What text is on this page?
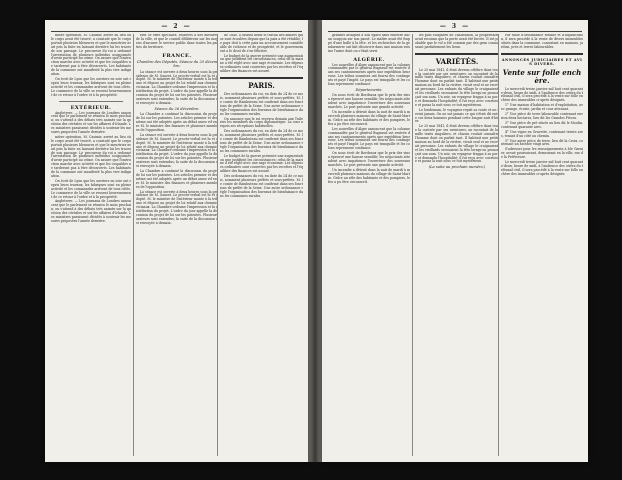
— 2 —

mière opération, M. Casimir, arrivé au lieu où le corps avait été trouvé, a constaté que le corps portait plusieurs blessures et que le meurtrier avait pris la fuite en laissant derrière lui les traces de son passage. Le procureur du roi a ordonné l'arrestation de plusieurs individus soupçonnés d'avoir participé au crime. On assure que l'instruction marche avec activité et que les coupables ne tarderont pas à être découverts. Les habitants de la commune ont manifesté la plus vive indignation.

On écrit de Lyon que les ouvriers en soie ont repris leurs travaux; les fabriques sont en pleine activité et les commandes arrivent de tous côtés. Le commerce de la ville se ressent heureusement de ce retour à l'ordre et à la prospérité.

EXTÉRIEUR.

Angleterre. — Les journaux de Londres annoncent que le parlement se réunira le mois prochain; on s'attend à des débats très animés sur la question des céréales et sur les affaires d'Irlande. Les ministres paraissent décidés à soutenir les mesures proposées l'année dernière.

mière opération, M. Casimir, arrivé au lieu où le corps avait été trouvé, a constaté que le corps portait plusieurs blessures et que le meurtrier avait pris la fuite en laissant derrière lui les traces de son passage. Le procureur du roi a ordonné l'arrestation de plusieurs individus soupçonnés d'avoir participé au crime. On assure que l'instruction marche avec activité et que les coupables ne tarderont pas à être découverts. Les habitants de la commune ont manifesté la plus vive indignation.

On écrit de Lyon que les ouvriers en soie ont repris leurs travaux; les fabriques sont en pleine activité et les commandes arrivent de tous côtés. Le commerce de la ville se ressent heureusement de ce retour à l'ordre et à la prospérité.

Angleterre. — Les journaux de Londres annoncent que le parlement se réunira le mois prochain; on s'attend à des débats très animés sur la question des céréales et sur les affaires d'Irlande. Les ministres paraissent décidés à soutenir les mesures proposées l'année dernière.

rien ce effet spéciales, relatives à des mesures de la ville, et que le conseil délibérera sur les moyens d'assurer le service public dans toutes les parties du territoire.

FRANCE.
Chambre des Députés. Séance du 25 décembre.

La séance est ouverte à deux heures sous la présidence de M. Sauzet. Le procès-verbal est lu et adopté. M. le ministre de l'intérieur monte à la tribune et dépose un projet de loi relatif aux chemins vicinaux. La Chambre ordonne l'impression et la distribution du projet. L'ordre du jour appelle la discussion du projet de loi sur les patentes. Plusieurs orateurs sont entendus; la suite de la discussion est renvoyée à demain.

Séance du 26 décembre.

La Chambre a continué la discussion du projet de loi sur les patentes. Les articles premier et deuxième ont été adoptés après un débat assez vif entre M. le ministre des finances et plusieurs membres de l'opposition.

La séance est ouverte à deux heures sous la présidence de M. Sauzet. Le procès-verbal est lu et adopté. M. le ministre de l'intérieur monte à la tribune et dépose un projet de loi relatif aux chemins vicinaux. La Chambre ordonne l'impression et la distribution du projet. L'ordre du jour appelle la discussion du projet de loi sur les patentes. Plusieurs orateurs sont entendus; la suite de la discussion est renvoyée à demain.

La Chambre a continué la discussion du projet de loi sur les patentes. Les articles premier et deuxième ont été adoptés après un débat assez vif entre M. le ministre des finances et plusieurs membres de l'opposition.

La séance est ouverte à deux heures sous la présidence de M. Sauzet. Le procès-verbal est lu et adopté. M. le ministre de l'intérieur monte à la tribune et dépose un projet de loi relatif aux chemins vicinaux. La Chambre ordonne l'impression et la distribution du projet. L'ordre du jour appelle la discussion du projet de loi sur les patentes. Plusieurs orateurs sont entendus; la suite de la discussion est renvoyée à demain.

de 1840. Il faudra bénir le travail des années qui se sont écoulées depuis que la paix a été rétablie; le pays doit à cette paix un accroissement considérable de richesse et de prospérité, et le gouvernement a le droit de s'en féliciter.

Le budget de la guerre présente une augmentation que justifient les circonstances; celui de la marine a été réglé avec une sage économie. Les dépenses ordinaires sont couvertes par les recettes et l'équilibre des finances est assuré.

PARIS.

Des ordonnances du roi, en date du 24 de ce mois, nomment plusieurs préfets et sous-préfets. M. le comte de Rambuteau est confirmé dans ses fonctions de préfet de la Seine. Une autre ordonnance règle l'organisation des bureaux de bienfaisance dans les communes rurales.

On annonce que le roi recevra demain aux Tuileries les membres du corps diplomatique. La cour a repris ses réceptions habituelles.

Des ordonnances du roi, en date du 24 de ce mois, nomment plusieurs préfets et sous-préfets. M. le comte de Rambuteau est confirmé dans ses fonctions de préfet de la Seine. Une autre ordonnance règle l'organisation des bureaux de bienfaisance dans les communes rurales.

Le budget de la guerre présente une augmentation que justifient les circonstances; celui de la marine a été réglé avec une sage économie. Les dépenses ordinaires sont couvertes par les recettes et l'équilibre des finances est assuré.

Des ordonnances du roi, en date du 24 de ce mois, nomment plusieurs préfets et sous-préfets. M. le comte de Rambuteau est confirmé dans ses fonctions de préfet de la Seine. Une autre ordonnance règle l'organisation des bureaux de bienfaisance dans les communes rurales.

— 3 —

grandes attaques à son égard sans émettre aucun soupçon sur son passé. Le maître avait été frappé d'une balle à la tête, et les recherches de la gendarmerie ont fait découvrir dans une maison voisine l'arme dont on s'était servi.

ALGÉRIE.

Les nouvelles d'Alger annoncent que la colonne commandée par le général Bugeaud est rentrée dans ses cantonnements après une expédition heureuse. Les tribus soumises ont fourni des contingents et payé l'impôt. Le pays est tranquille et les colons reprennent confiance.

Départements.

On nous écrit de Bordeaux que le prix des vins a éprouvé une hausse sensible; les négociants attendent avec impatience l'ouverture des nouveaux marchés. Le port présente une grande activité.

Un incendie a détruit dans la nuit de mardi à mercredi plusieurs maisons du village de Saint-Martin. Grâce au zèle des habitants et des pompiers, le feu a pu être circonscrit.

Les nouvelles d'Alger annoncent que la colonne commandée par le général Bugeaud est rentrée dans ses cantonnements après une expédition heureuse. Les tribus soumises ont fourni des contingents et payé l'impôt. Le pays est tranquille et les colons reprennent confiance.

On nous écrit de Bordeaux que le prix des vins a éprouvé une hausse sensible; les négociants attendent avec impatience l'ouverture des nouveaux marchés. Le port présente une grande activité.

Un incendie a détruit dans la nuit de mardi à mercredi plusieurs maisons du village de Saint-Martin. Grâce au zèle des habitants et des pompiers, le feu a pu être circonscrit.

les plus éloignées de l'habitation, la propriétaire avait reconnu que la porte avait été forcée. Il est probable que le vol a été commis par des gens connaissant parfaitement les lieux.

VARIÉTÉS.

Le 20 mai 1841, il était devenu célèbre dans toute la contrée par ses aventures; on racontait de lui mille traits singuliers, et chacun voulait connaître l'homme dont on parlait tant. Il habitait une petite maison au bord de la rivière, vivait seul et ne recevait personne. Les enfants du village le craignaient, et les vieillards secouaient la tête lorsqu'on prononçait son nom. Un soir, un voyageur frappa à sa porte et demanda l'hospitalité; il fut reçu avec courtoisie et passa la nuit sous ce toit mystérieux.

Le lendemain, le voyageur reprit sa route et ne revint jamais. On ne sut jamais ce qui s'était dit entre ces deux hommes pendant cette longue nuit d'hiver.

Le 20 mai 1841, il était devenu célèbre dans toute la contrée par ses aventures; on racontait de lui mille traits singuliers, et chacun voulait connaître l'homme dont on parlait tant. Il habitait une petite maison au bord de la rivière, vivait seul et ne recevait personne. Les enfants du village le craignaient, et les vieillards secouaient la tête lorsqu'on prononçait son nom. Un soir, un voyageur frappa à sa porte et demanda l'hospitalité; il fut reçu avec courtoisie et passa la nuit sous ce toit mystérieux.

(La suite au prochain numéro.)

Par suite d'ordonnance rendue et d'adjudication, il sera procédé à la vente de divers immeubles situés dans la commune, consistant en maisons, jardins, prés et terres labourables.

ANNONCES JUDICIAIRES ET AVIS DIVERS.
Vente sur folle enchère.

Le mercredi treize janvier mil huit cent quarante-deux, heure de midi, à l'audience des criées du tribunal civil, il sera procédé à la vente sur folle enchère des immeubles ci-après désignés.

1° Une maison d'habitation et d'exploitation, avec grange, écurie, jardin et cour attenant.

2° Une pièce de terre labourable contenant environ deux hectares, lieu dit les Grandes Pièces.

3° Une pièce de pré située au lieu dit le Moulin, contenant quarante ares.

4° Une vigne en Gravette, contenant trente ares, tenant d'un côté au chemin.

5° Une autre pièce de terre, lieu dit la Croix, contenant un hectare vingt ares.

S'adresser pour les renseignements à Me Garnier, avoué poursuivant, demeurant en la ville, rue de la Préfecture.

Le mercredi treize janvier mil huit cent quarante-deux, heure de midi, à l'audience des criées du tribunal civil, il sera procédé à la vente sur folle enchère des immeubles ci-après désignés.
